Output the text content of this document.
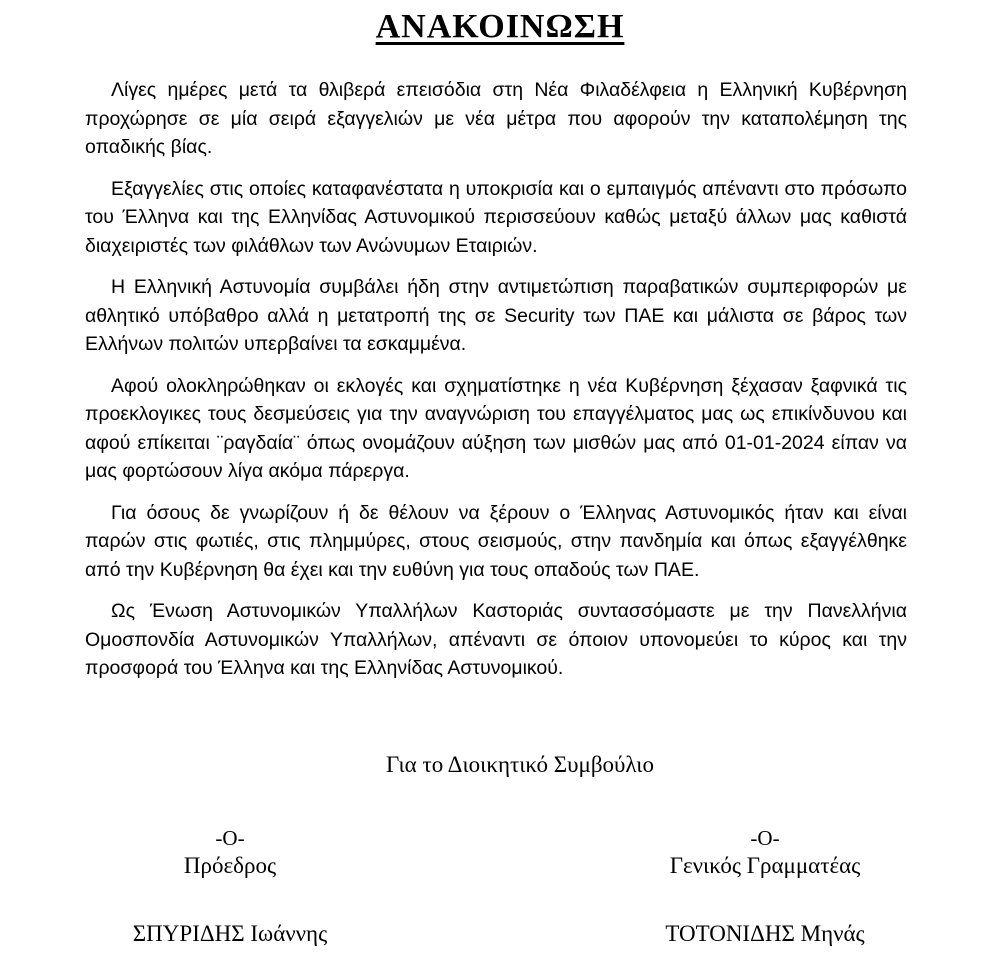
ΑΝΑΚΟΙΝΩΣΗ

Λίγες ημέρες μετά τα θλιβερά επεισόδια στη Νέα Φιλαδέλφεια η Ελληνική Κυβέρνηση προχώρησε σε μία σειρά εξαγγελιών με νέα μέτρα που αφορούν την καταπολέμηση της οπαδικής βίας.

Εξαγγελίες στις οποίες καταφανέστατα η υποκρισία και ο εμπαιγμός απέναντι στο πρόσωπο του Έλληνα και της Ελληνίδας Αστυνομικού περισσεύουν καθώς μεταξύ άλλων μας καθιστά διαχειριστές των φιλάθλων των Ανώνυμων Εταιριών.

Η Ελληνική Αστυνομία συμβάλει ήδη στην αντιμετώπιση παραβατικών συμπεριφορών με αθλητικό υπόβαθρο αλλά η μετατροπή της σε Security των ΠΑΕ και μάλιστα σε βάρος των Ελλήνων πολιτών υπερβαίνει τα εσκαμμένα.

Αφού ολοκληρώθηκαν οι εκλογές και σχηματίστηκε η νέα Κυβέρνηση ξέχασαν ξαφνικά τις προεκλογικες τους δεσμεύσεις για την αναγνώριση του επαγγέλματος μας ως επικίνδυνου και αφού επίκειται ¨ραγδαία¨ όπως ονομάζουν αύξηση των μισθών μας από 01-01-2024 είπαν να μας φορτώσουν λίγα ακόμα πάρεργα.

Για όσους δε γνωρίζουν ή δε θέλουν να ξέρουν ο Έλληνας Αστυνομικός ήταν και είναι παρών στις φωτιές, στις πλημμύρες, στους σεισμούς, στην πανδημία και όπως εξαγγέλθηκε από την Κυβέρνηση θα έχει και την ευθύνη για τους οπαδούς των ΠΑΕ.

Ως Ένωση Αστυνομικών Υπαλλήλων Καστοριάς συντασσόμαστε με την Πανελλήνια Ομοσπονδία Αστυνομικών Υπαλλήλων, απέναντι σε όποιον υπονομεύει το κύρος και την προσφορά του Έλληνα και της Ελληνίδας Αστυνομικού.

Για το Διοικητικό Συμβούλιο
-Ο-
Πρόεδρος
ΣΠΥΡΙΔΗΣ Ιωάννης
-Ο-
Γενικός Γραμματέας
ΤΟΤΟΝΙΔΗΣ Μηνάς
